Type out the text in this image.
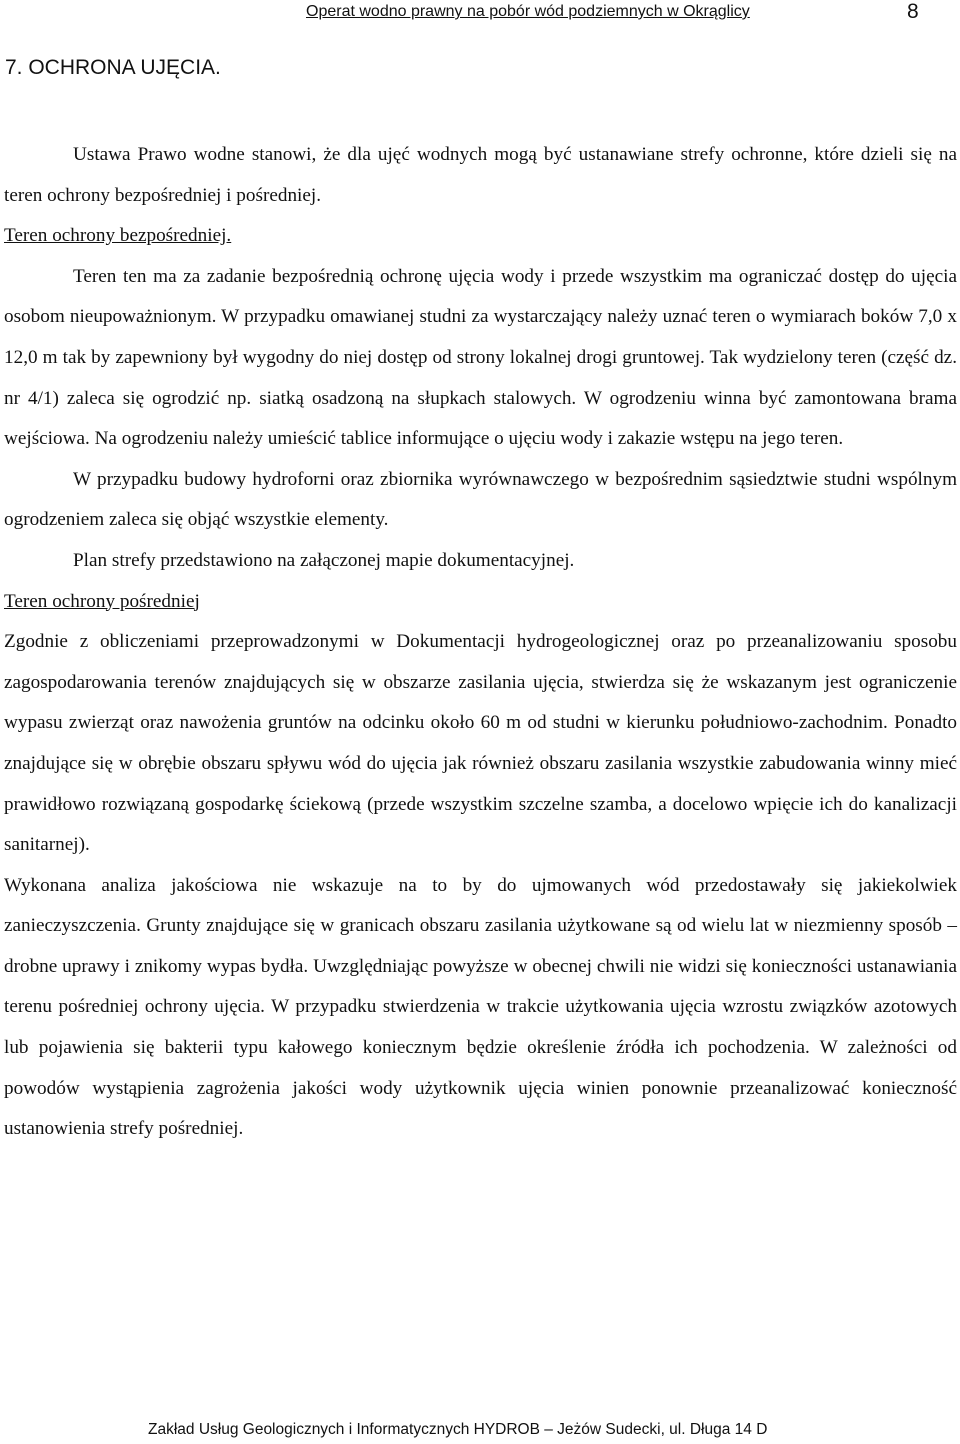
Operat wodno prawny na pobór wód podziemnych w Okrąglicy	8
7. OCHRONA UJĘCIA.

Ustawa Prawo wodne stanowi, że dla ujęć wodnych mogą być ustanawiane strefy ochronne, które dzieli się na teren ochrony bezpośredniej i pośredniej.

Teren ochrony bezpośredniej.

Teren ten ma za zadanie bezpośrednią ochronę ujęcia wody i przede wszystkim ma ograniczać dostęp do ujęcia osobom nieupoważnionym. W przypadku omawianej studni za wystarczający należy uznać teren o wymiarach boków 7,0 x 12,0 m tak by zapewniony był wygodny do niej dostęp od strony lokalnej drogi gruntowej. Tak wydzielony teren (część dz. nr 4/1) zaleca się ogrodzić np. siatką osadzoną na słupkach stalowych. W ogrodzeniu winna być zamontowana brama wejściowa. Na ogrodzeniu należy umieścić tablice informujące o ujęciu wody i zakazie wstępu na jego teren.

W przypadku budowy hydroforni oraz zbiornika wyrównawczego w bezpośrednim sąsiedztwie studni wspólnym ogrodzeniem zaleca się objąć wszystkie elementy.

Plan strefy przedstawiono na załączonej mapie dokumentacyjnej.

Teren ochrony pośredniej

Zgodnie z obliczeniami przeprowadzonymi w Dokumentacji hydrogeologicznej oraz po przeanalizowaniu sposobu zagospodarowania terenów znajdujących się w obszarze zasilania ujęcia, stwierdza się że wskazanym jest ograniczenie wypasu zwierząt oraz nawożenia gruntów na odcinku około 60 m od studni w kierunku południowo-zachodnim. Ponadto znajdujące się w obrębie obszaru spływu wód do ujęcia jak również obszaru zasilania wszystkie zabudowania winny mieć prawidłowo rozwiązaną gospodarkę ściekową (przede wszystkim szczelne szamba, a docelowo wpięcie ich do kanalizacji sanitarnej).

Wykonana analiza jakościowa nie wskazuje na to by do ujmowanych wód przedostawały się jakiekolwiek zanieczyszczenia. Grunty znajdujące się w granicach obszaru zasilania użytkowane są od wielu lat w niezmienny sposób – drobne uprawy i znikomy wypas bydła. Uwzględniając powyższe w obecnej chwili nie widzi się konieczności ustanawiania terenu pośredniej ochrony ujęcia. W przypadku stwierdzenia w trakcie użytkowania ujęcia wzrostu związków azotowych lub pojawienia się bakterii typu kałowego koniecznym będzie określenie źródła ich pochodzenia. W zależności od powodów wystąpienia zagrożenia jakości wody użytkownik ujęcia winien ponownie przeanalizować konieczność ustanowienia strefy pośredniej.

Zakład Usług Geologicznych i Informatycznych HYDROB – Jeżów Sudecki, ul. Długa 14 D
